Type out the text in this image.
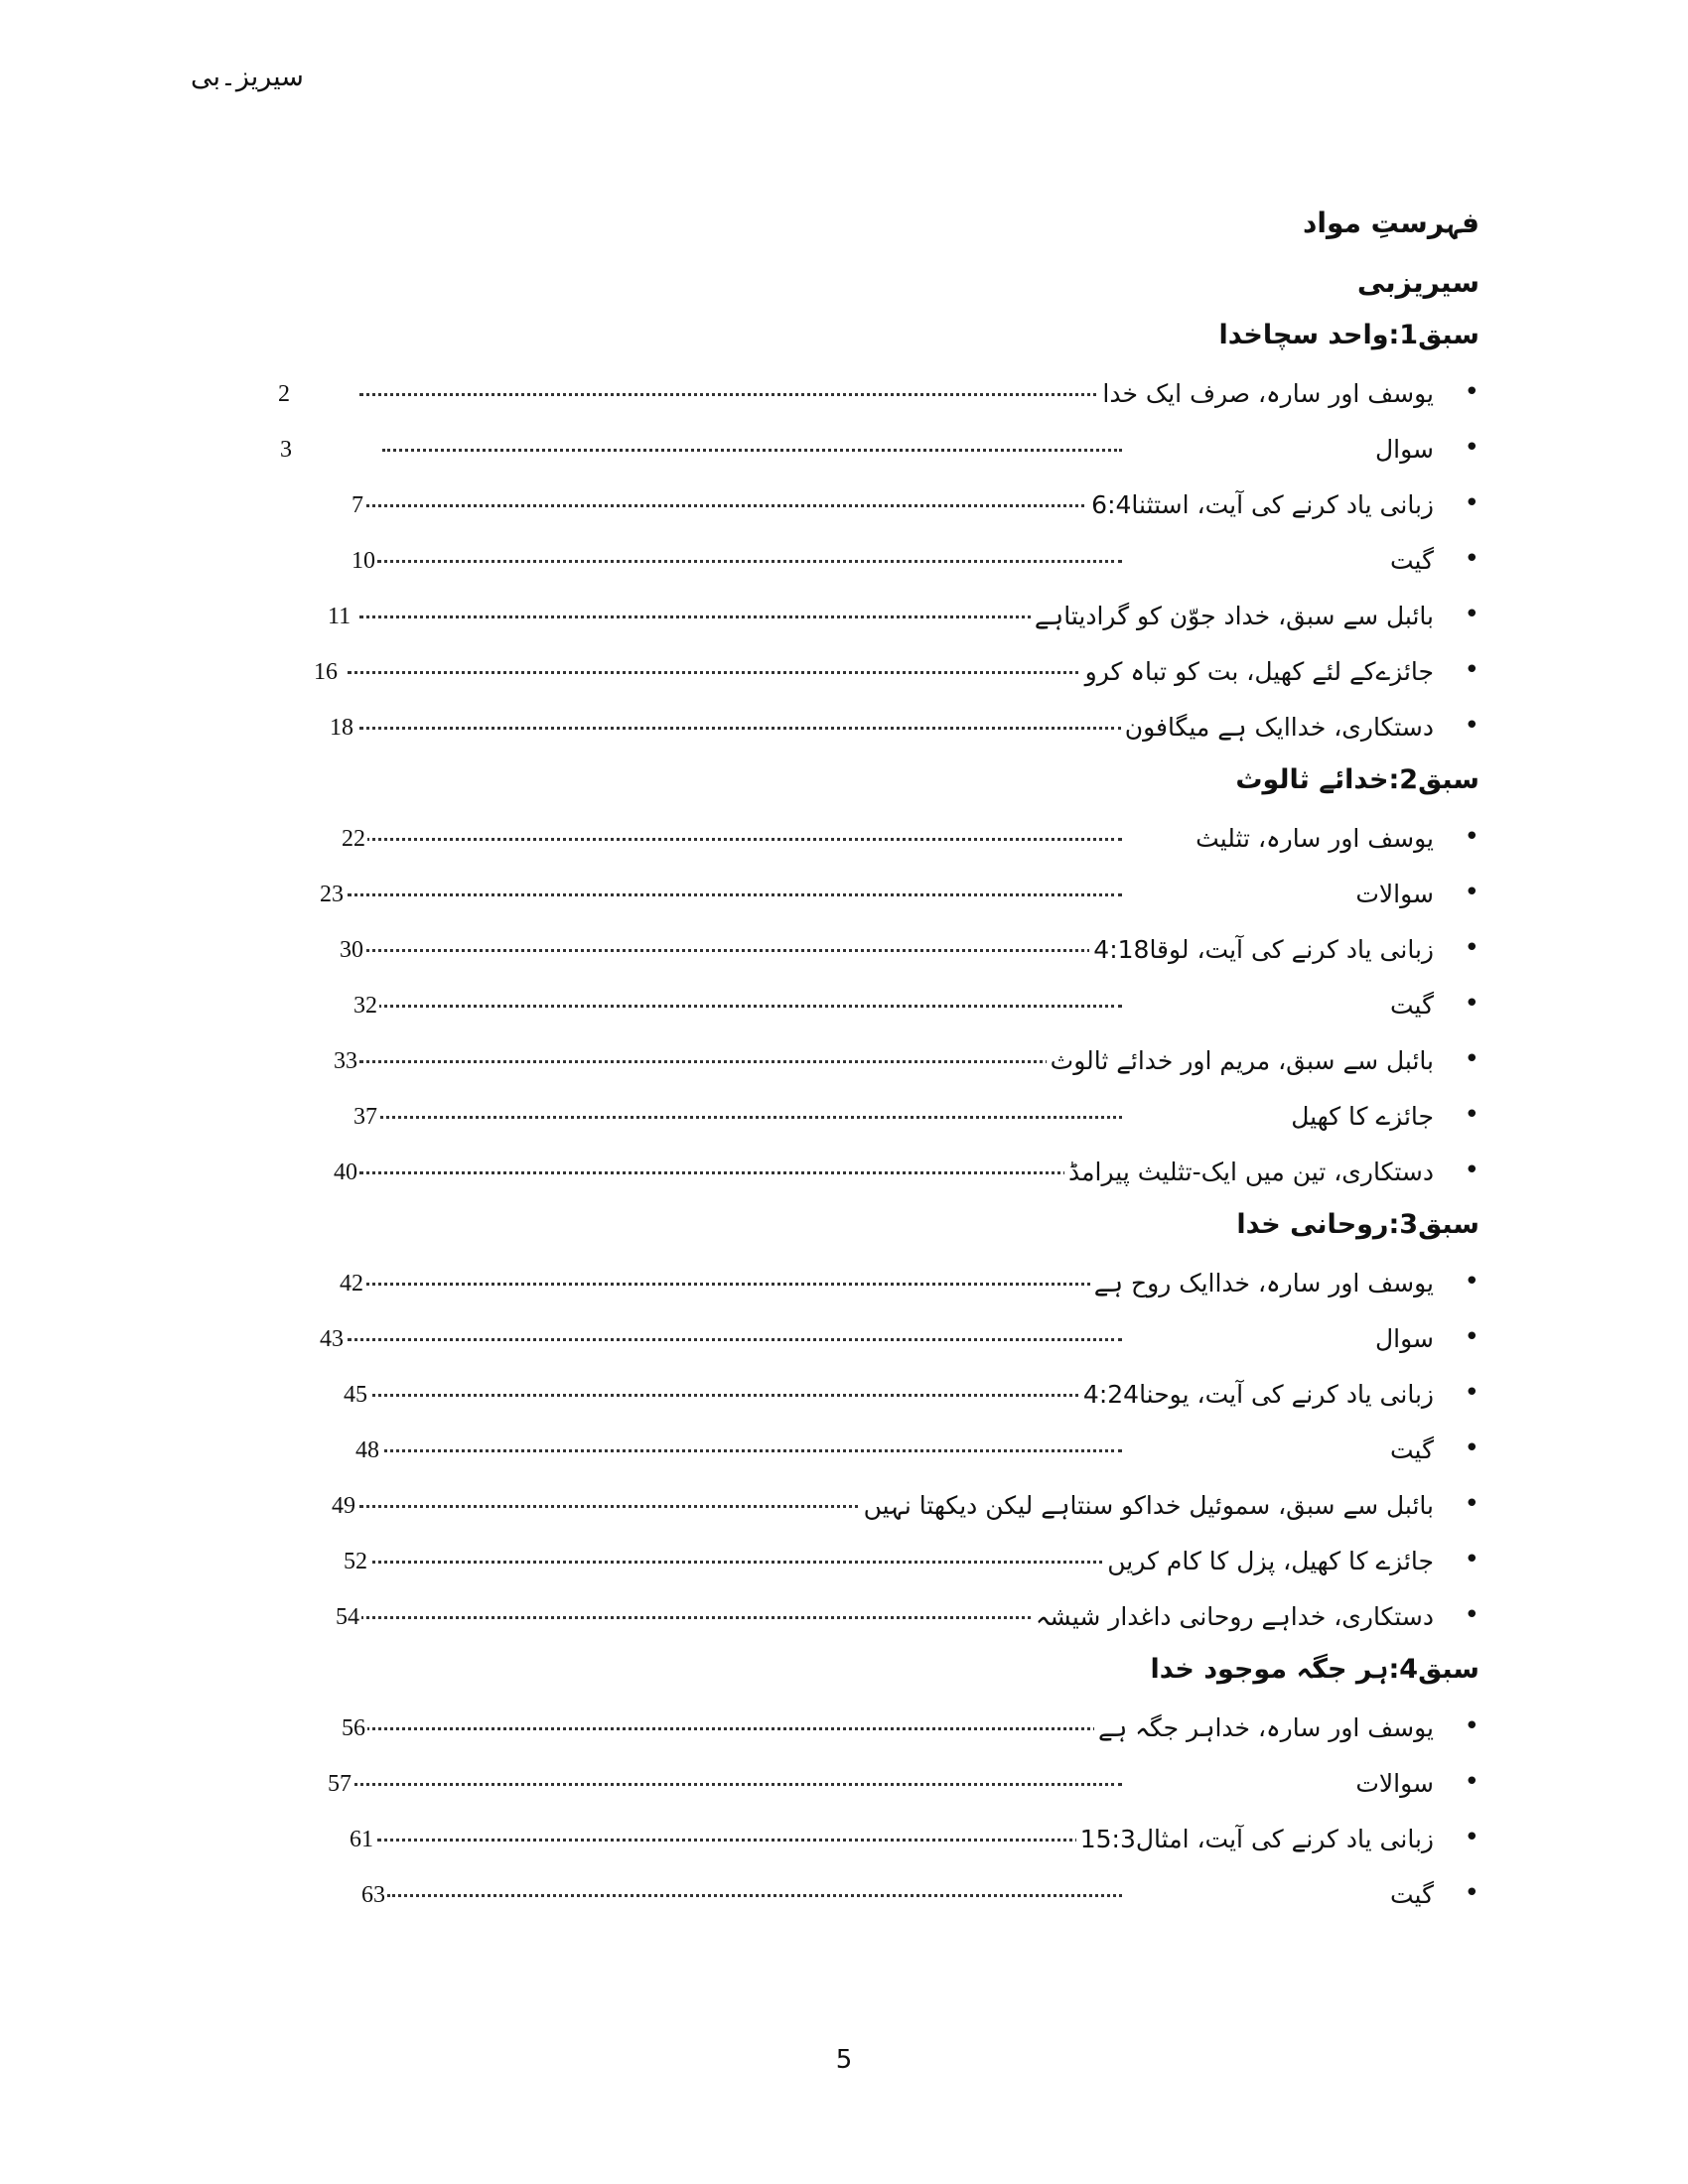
سیریز۔بی
فہرستِ مواد
سیریزبی
سبق1:واحد سچاخدا
2	یوسف اور سارہ، صرف ایک خدا •
3	سوال •
7	زبانی یاد کرنے کی آیت، استثنا6:4 •
10	گیت •
11	بائبل سے سبق، خداد جوّن کو گرادیتاہے •
16	جائزےکے لئے کھیل، بت کو تباہ کرو •
18	دستکاری، خداایک ہے میگافون •
سبق2:خدائے ثالوث
22	یوسف اور سارہ، تثلیث •
23	سوالات •
30	زبانی یاد کرنے کی آیت، لوقا4:18 •
32	گیت •
33	بائبل سے سبق، مریم اور خدائے ثالوث •
37	جائزے کا کھیل •
40	دستکاری، تین میں ایک-تثلیث پیرامڈ •
سبق3:روحانی خدا
42	یوسف اور سارہ، خداایک روح ہے •
43	سوال •
45	زبانی یاد کرنے کی آیت، یوحنا4:24 •
48	گیت •
49	بائبل سے سبق، سموئیل خداکو سنتاہے لیکن دیکھتا نہیں •
52	جائزے کا کھیل، پزل کا کام کریں •
54	دستکاری، خداہے روحانی داغدار شیشہ •
سبق4:ہر جگہ موجود خدا
56	یوسف اور سارہ، خداہر جگہ ہے •
57	سوالات •
61	زبانی یاد کرنے کی آیت، امثال15:3 •
63	گیت •
5
